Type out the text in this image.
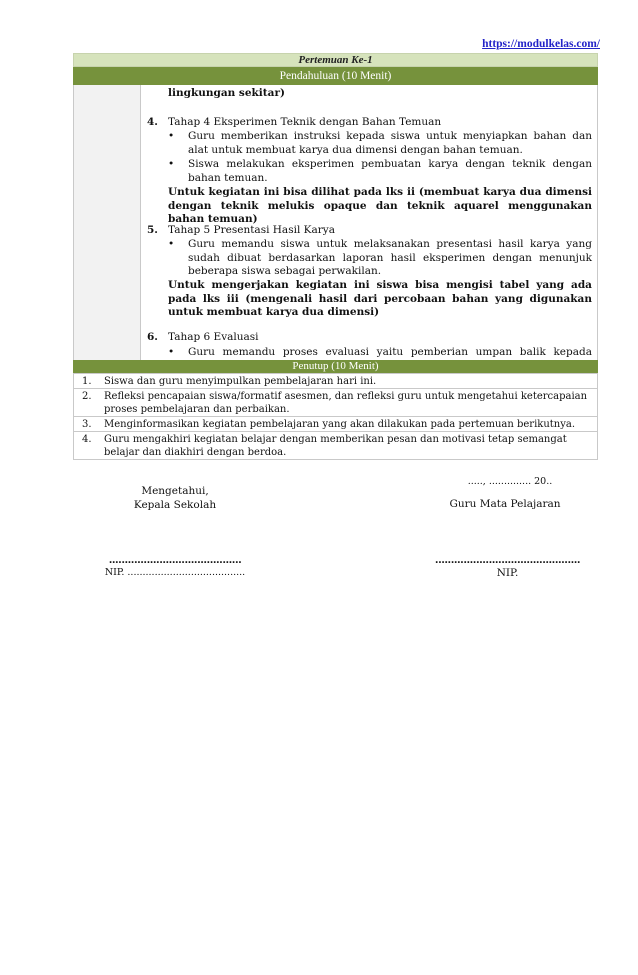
https://modulkelas.com/
Pertemuan Ke-1
Pendahuluan (10 Menit)
lingkungan sekitar)
4. Tahap 4 Eksperimen Teknik dengan Bahan Temuan
• Guru memberikan instruksi kepada siswa untuk menyiapkan bahan dan alat untuk membuat karya dua dimensi dengan bahan temuan.
• Siswa melakukan eksperimen pembuatan karya dengan teknik dengan bahan temuan.
Untuk kegiatan ini bisa dilihat pada lks ii (membuat karya dua dimensi dengan teknik melukis opaque dan teknik aquarel menggunakan bahan temuan)
5. Tahap 5 Presentasi Hasil Karya
• Guru memandu siswa untuk melaksanakan presentasi hasil karya yang sudah dibuat berdasarkan laporan hasil eksperimen dengan menunjuk beberapa siswa sebagai perwakilan.
Untuk mengerjakan kegiatan ini siswa bisa mengisi tabel yang ada pada lks iii (mengenali hasil dari percobaan bahan yang digunakan untuk membuat karya dua dimensi)
6. Tahap 6 Evaluasi
• Guru memandu proses evaluasi yaitu pemberian umpan balik kepada
Penutup (10 Menit)
1. Siswa dan guru menyimpulkan pembelajaran hari ini.
2. Refleksi pencapaian siswa/formatif asesmen, dan refleksi guru untuk mengetahui ketercapaian proses pembelajaran dan perbaikan.
3. Menginformasikan kegiatan pembelajaran yang akan dilakukan pada pertemuan berikutnya.
4. Guru mengakhiri kegiatan belajar dengan memberikan pesan dan motivasi tetap semangat belajar dan diakhiri dengan berdoa.
....., .............. 20..
Mengetahui,
Kepala Sekolah	Guru Mata Pelajaran
..........................................
NIP. .......................................
..............................................
NIP.
